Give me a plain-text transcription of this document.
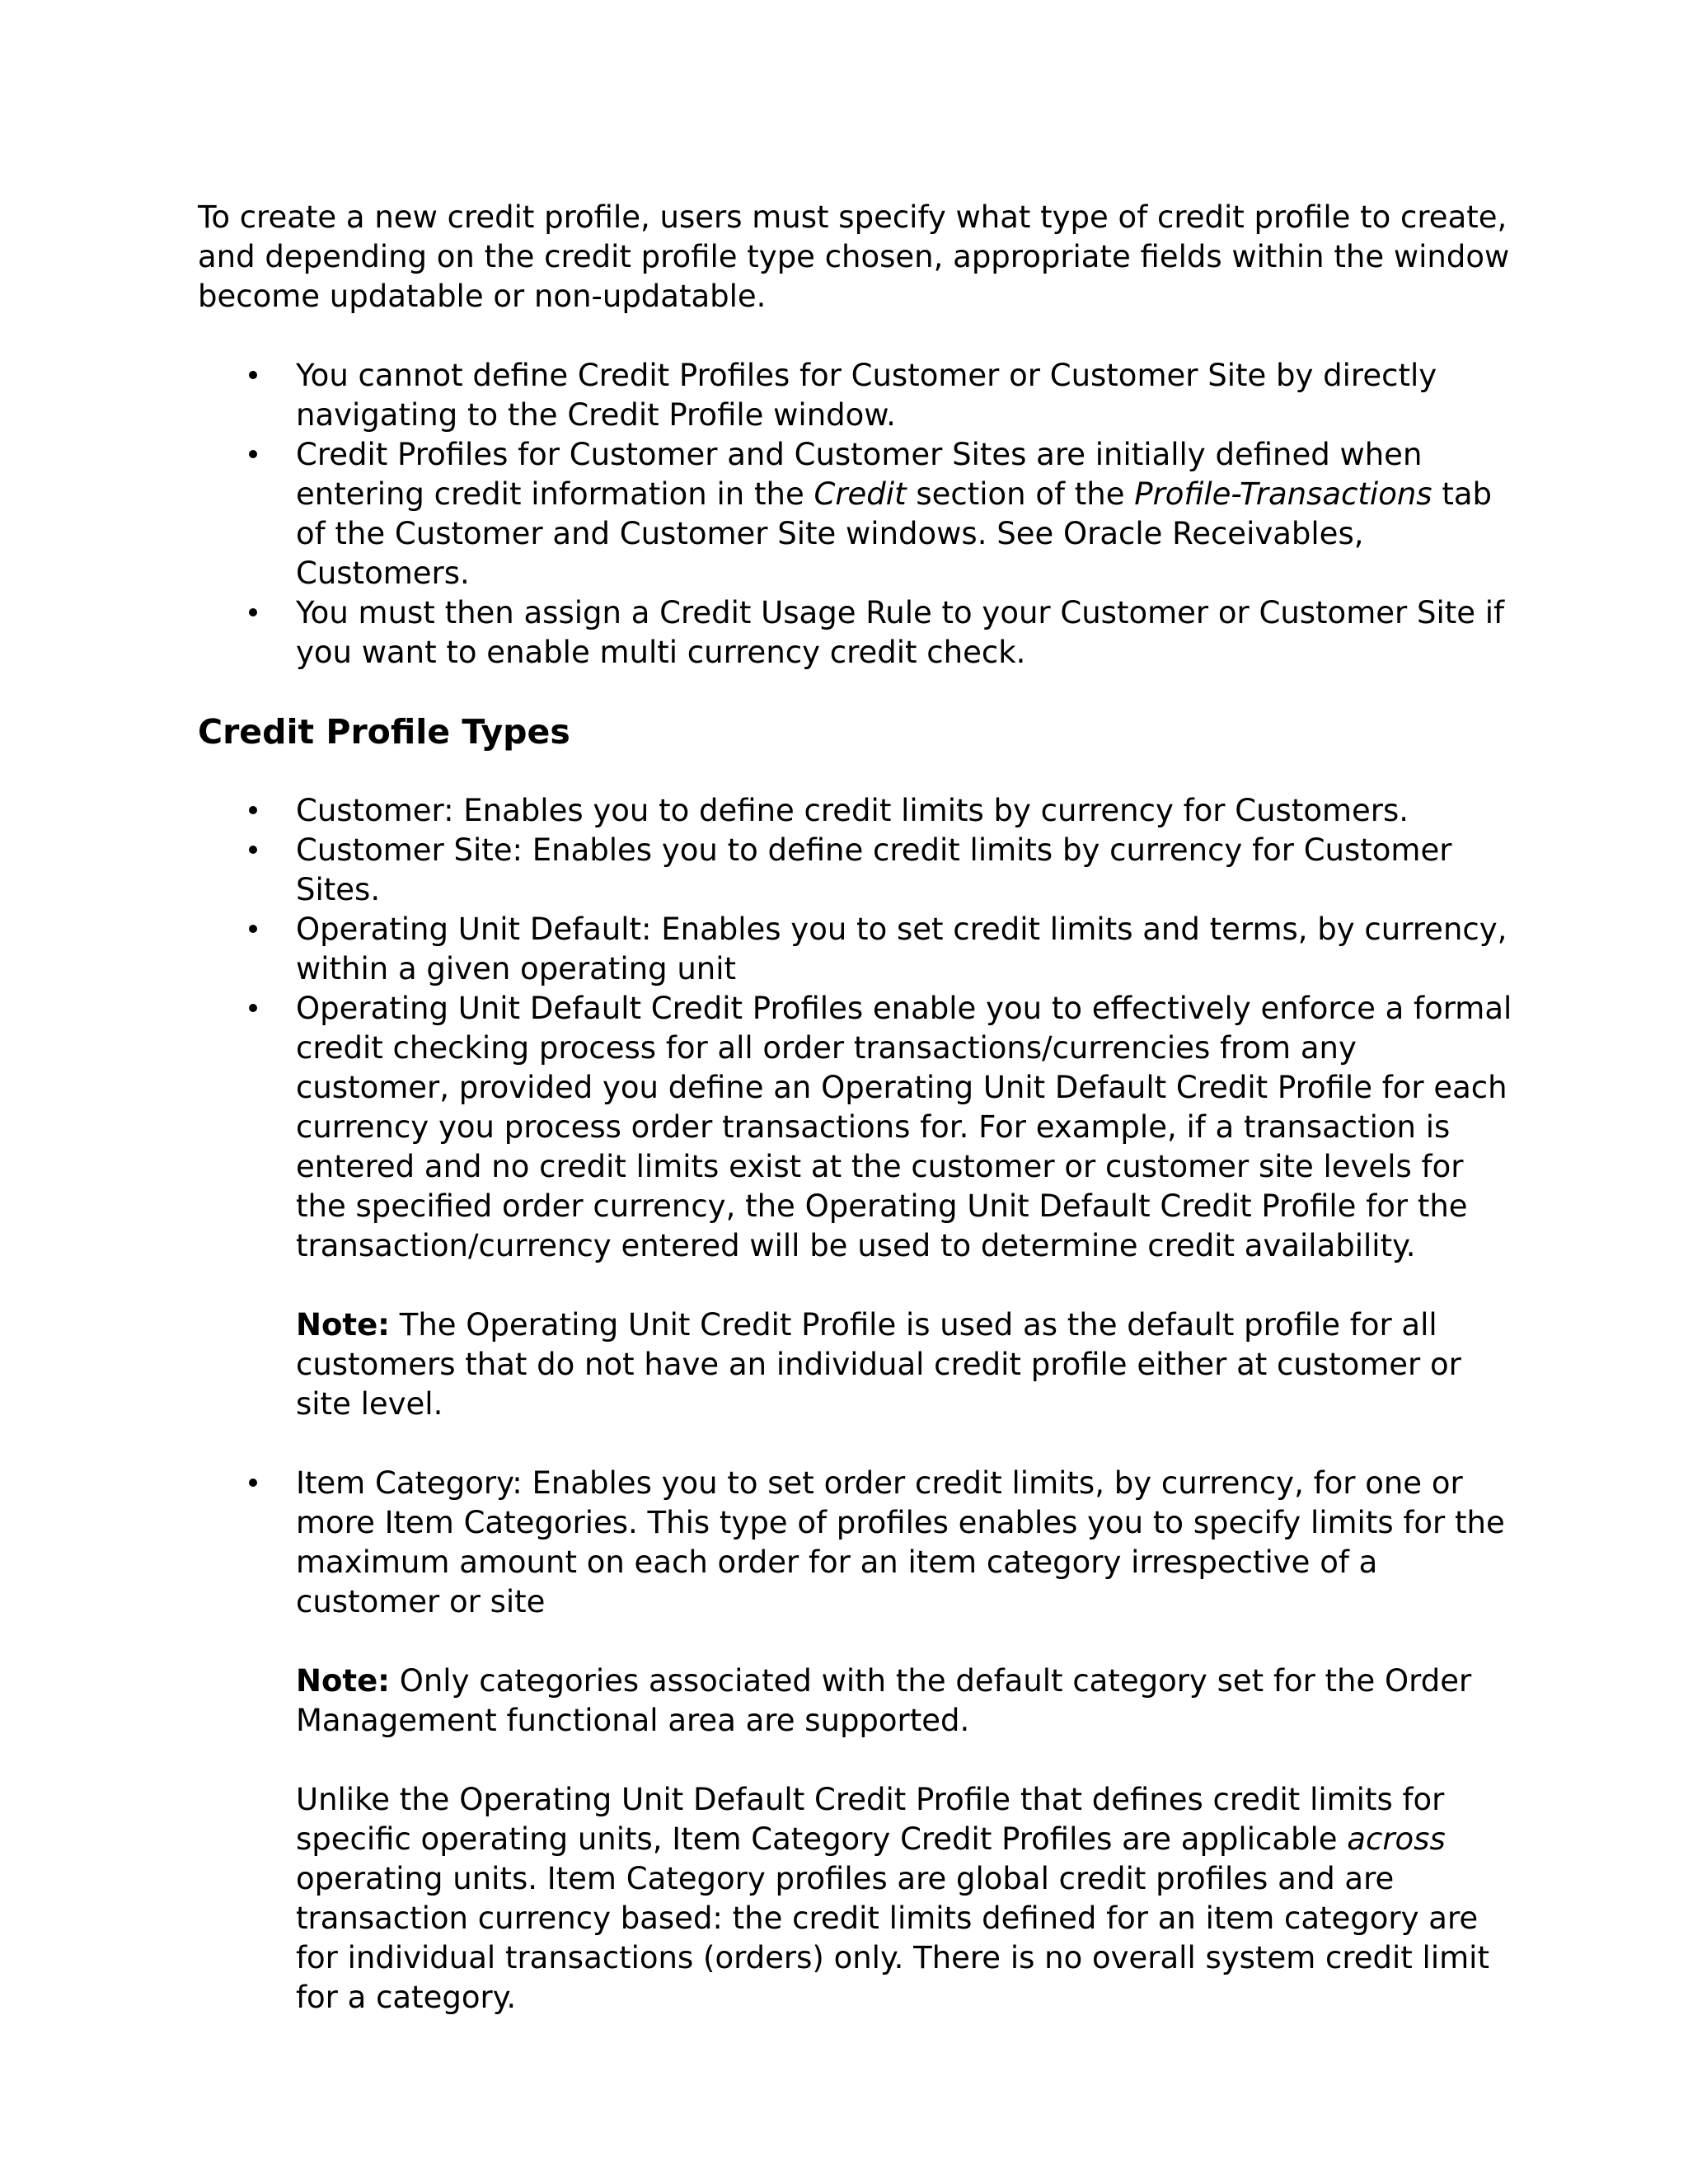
To create a new credit profile, users must specify what type of credit profile to create, and depending on the credit profile type chosen, appropriate fields within the window become updatable or non-updatable.

You cannot define Credit Profiles for Customer or Customer Site by directly navigating to the Credit Profile window.
Credit Profiles for Customer and Customer Sites are initially defined when entering credit information in the Credit section of the Profile-Transactions tab of the Customer and Customer Site windows. See Oracle Receivables, Customers.
You must then assign a Credit Usage Rule to your Customer or Customer Site if you want to enable multi currency credit check.
Credit Profile Types
Customer: Enables you to define credit limits by currency for Customers.
Customer Site: Enables you to define credit limits by currency for Customer Sites.
Operating Unit Default: Enables you to set credit limits and terms, by currency, within a given operating unit

Operating Unit Default Credit Profiles enable you to effectively enforce a formal credit checking process for all order transactions/currencies from any customer, provided you define an Operating Unit Default Credit Profile for each currency you process order transactions for. For example, if a transaction is entered and no credit limits exist at the customer or customer site levels for the specified order currency, the Operating Unit Default Credit Profile for the transaction/currency entered will be used to determine credit availability.

Note: The Operating Unit Credit Profile is used as the default profile for all customers that do not have an individual credit profile either at customer or site level.

Item Category: Enables you to set order credit limits, by currency, for one or more Item Categories. This type of profiles enables you to specify limits for the maximum amount on each order for an item category irrespective of a customer or site

Note: Only categories associated with the default category set for the Order Management functional area are supported.

Unlike the Operating Unit Default Credit Profile that defines credit limits for specific operating units, Item Category Credit Profiles are applicable across operating units. Item Category profiles are global credit profiles and are transaction currency based: the credit limits defined for an item category are for individual transactions (orders) only. There is no overall system credit limit for a category.
